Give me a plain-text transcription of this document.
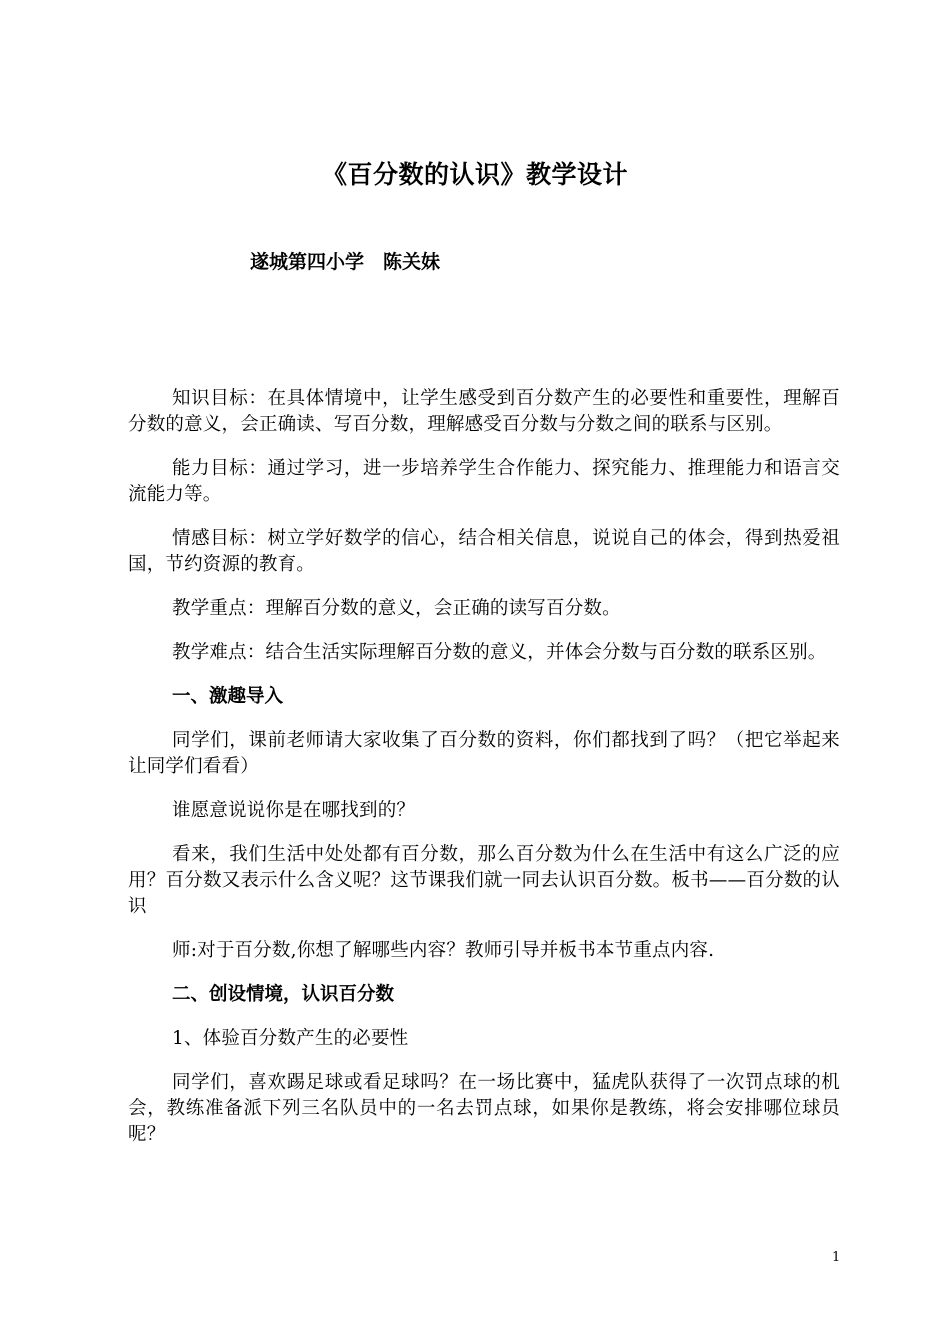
《百分数的认识》教学设计
遂城第四小学　陈关妹

知识目标：在具体情境中，让学生感受到百分数产生的必要性和重要性，理解百分数的意义，会正确读、写百分数，理解感受百分数与分数之间的联系与区别。

能力目标：通过学习，进一步培养学生合作能力、探究能力、推理能力和语言交流能力等。

情感目标：树立学好数学的信心，结合相关信息，说说自己的体会，得到热爱祖国，节约资源的教育。

教学重点：理解百分数的意义，会正确的读写百分数。

教学难点：结合生活实际理解百分数的意义，并体会分数与百分数的联系区别。

一、激趣导入

同学们，课前老师请大家收集了百分数的资料，你们都找到了吗？（把它举起来让同学们看看）

谁愿意说说你是在哪找到的？

看来，我们生活中处处都有百分数，那么百分数为什么在生活中有这么广泛的应用？百分数又表示什么含义呢？这节课我们就一同去认识百分数。板书——百分数的认识

师:对于百分数,你想了解哪些内容？教师引导并板书本节重点内容.

二、创设情境，认识百分数

1、体验百分数产生的必要性

同学们，喜欢踢足球或看足球吗？在一场比赛中，猛虎队获得了一次罚点球的机会，教练准备派下列三名队员中的一名去罚点球，如果你是教练，将会安排哪位球员呢？

1
